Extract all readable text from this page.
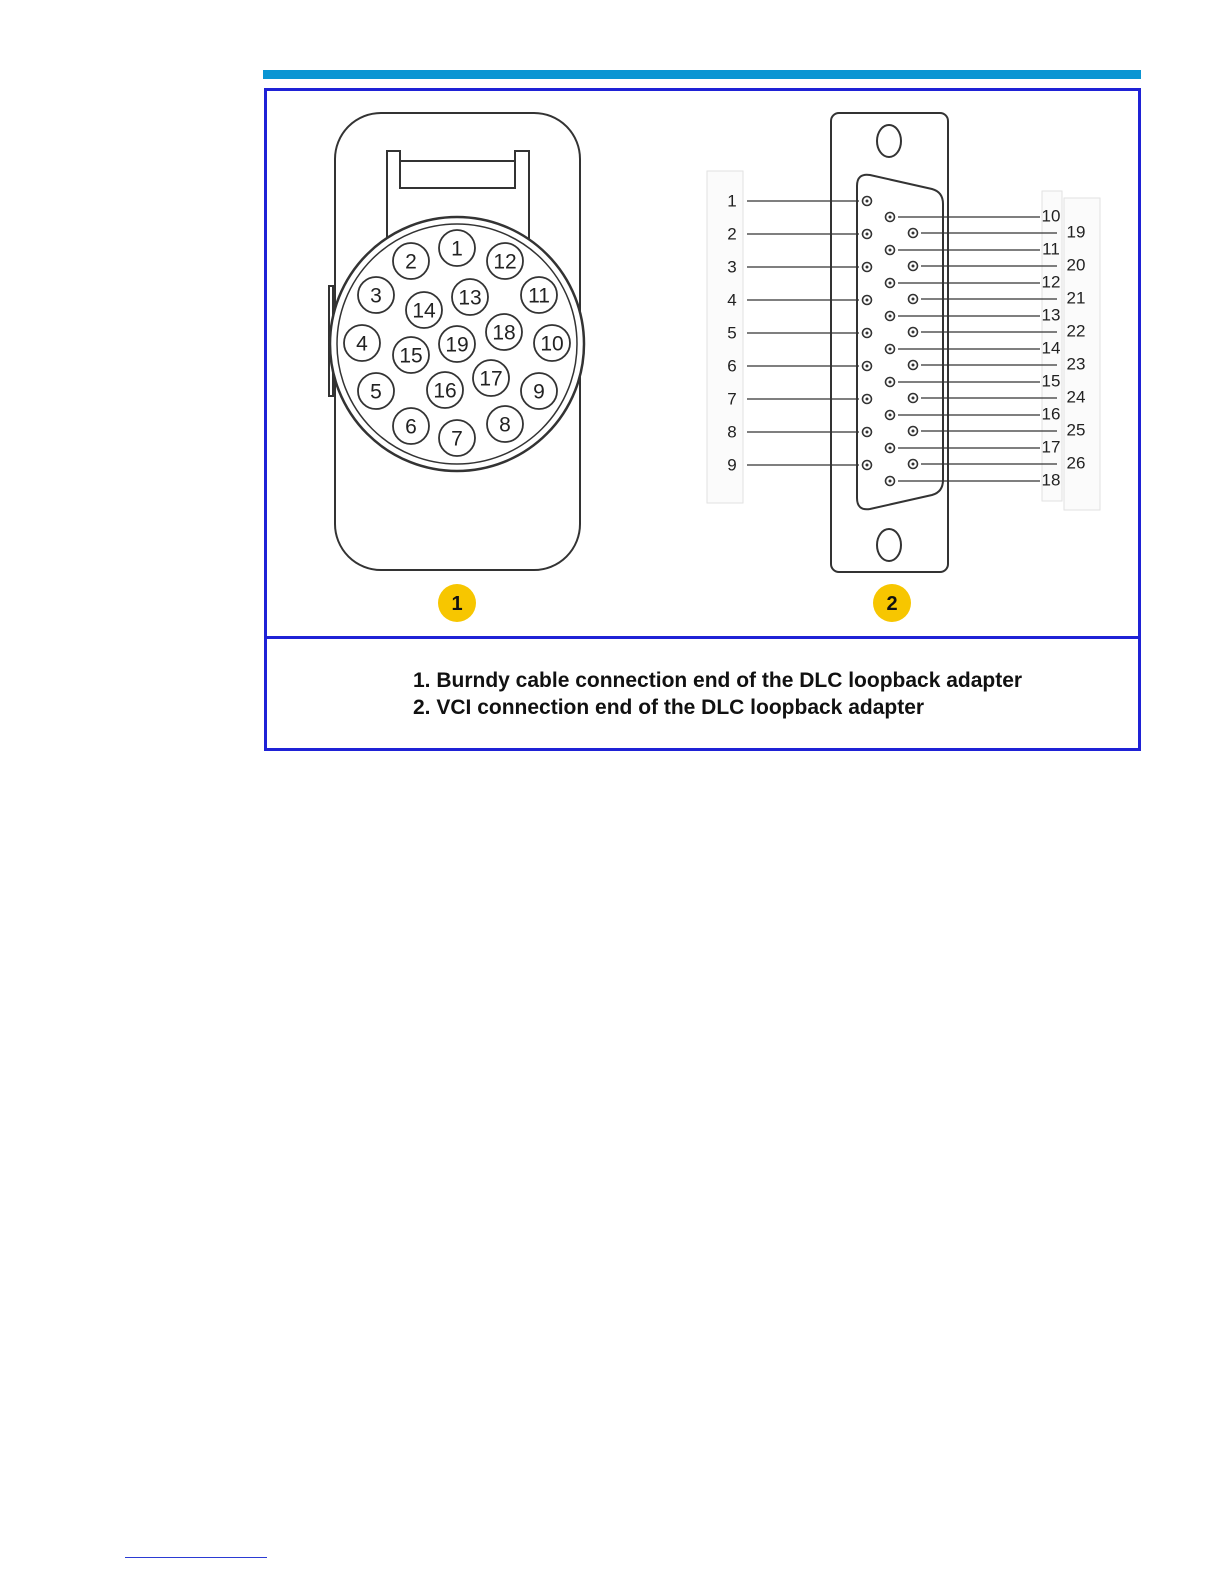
1
2
3
4
5
6
7
8
9
10
11
12
13
14
15
16
17
18
19
1
2
3
4
5
6
7
8
9
10
11
12
13
14
15
16
17
18
19
20
21
22
23
24
25
26
1	2
1. Burndy cable connection end of the DLC loopback adapter
2. VCI connection end of the DLC loopback adapter
